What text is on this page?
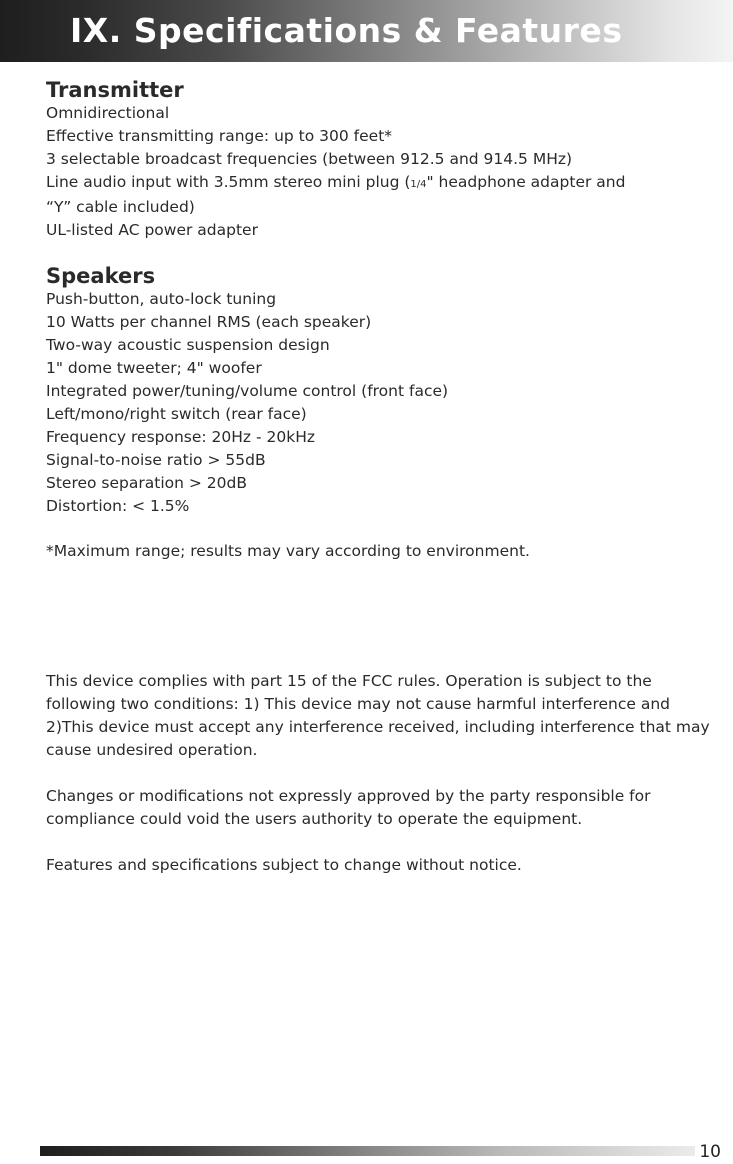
IX. Specifications & Features
Transmitter
Omnidirectional
Effective transmitting range: up to 300 feet*
3 selectable broadcast frequencies (between 912.5 and 914.5 MHz)
Line audio input with 3.5mm stereo mini plug (1/4" headphone adapter and
“Y” cable included)
UL-listed AC power adapter
Speakers
Push-button, auto-lock tuning
10 Watts per channel RMS (each speaker)
Two-way acoustic suspension design
1" dome tweeter; 4" woofer
Integrated power/tuning/volume control (front face)
Left/mono/right switch (rear face)
Frequency response: 20Hz - 20kHz
Signal-to-noise ratio > 55dB
Stereo separation > 20dB
Distortion: < 1.5%

*Maximum range; results may vary according to environment.

This device complies with part 15 of the FCC rules. Operation is subject to the following two conditions: 1) This device may not cause harmful interference and 2)This device must accept any interference received, including interference that may cause undesired operation.

Changes or modifications not expressly approved by the party responsible for compliance could void the users authority to operate the equipment.

Features and specifications subject to change without notice.

10
